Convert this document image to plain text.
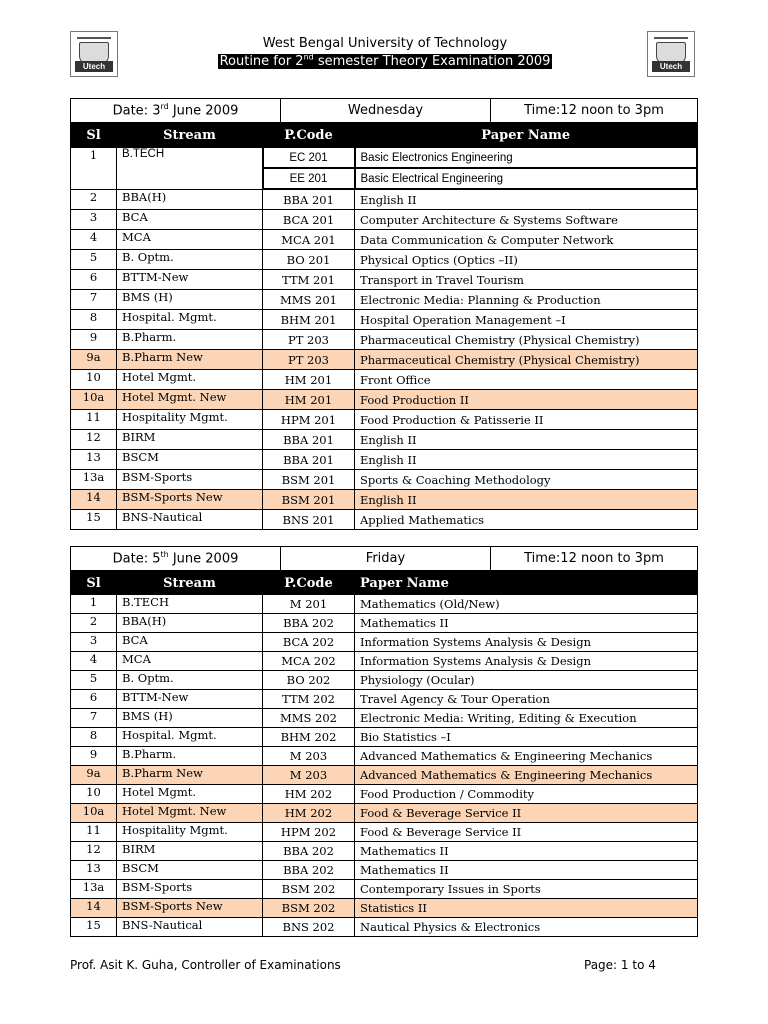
Utech	Utech
West Bengal University of Technology
Routine for 2nd semester Theory Examination 2009
Date: 3rd June 2009	Wednesday	Time:12 noon to 3pm
Sl	Stream	P.Code	Paper Name
1	B.TECH	EC 201	Basic Electronics Engineering
		EE 201	Basic Electrical Engineering
2	BBA(H)	BBA 201	English II
3	BCA	BCA 201	Computer Architecture & Systems Software
4	MCA	MCA 201	Data Communication & Computer Network
5	B. Optm.	BO 201	Physical Optics (Optics –II)
6	BTTM-New	TTM 201	Transport in Travel Tourism
7	BMS (H)	MMS 201	Electronic Media: Planning & Production
8	Hospital. Mgmt.	BHM 201	Hospital Operation Management –I
9	B.Pharm.	PT 203	Pharmaceutical Chemistry (Physical Chemistry)
9a	B.Pharm New	PT 203	Pharmaceutical Chemistry (Physical Chemistry)
10	Hotel Mgmt.	HM 201	Front Office
10a	Hotel Mgmt. New	HM 201	Food Production II
11	Hospitality Mgmt.	HPM 201	Food Production & Patisserie II
12	BIRM	BBA 201	English II
13	BSCM	BBA 201	English II
13a	BSM-Sports	BSM 201	Sports & Coaching Methodology
14	BSM-Sports New	BSM 201	English II
15	BNS-Nautical	BNS 201	Applied Mathematics
Date: 5th June 2009	Friday	Time:12 noon to 3pm
Sl	Stream	P.Code	Paper Name
1	B.TECH	M 201	Mathematics (Old/New)
2	BBA(H)	BBA 202	Mathematics II
3	BCA	BCA 202	Information Systems Analysis & Design
4	MCA	MCA 202	Information Systems Analysis & Design
5	B. Optm.	BO 202	Physiology (Ocular)
6	BTTM-New	TTM 202	Travel Agency & Tour Operation
7	BMS (H)	MMS 202	Electronic Media: Writing, Editing & Execution
8	Hospital. Mgmt.	BHM 202	Bio Statistics –I
9	B.Pharm.	M 203	Advanced Mathematics & Engineering Mechanics
9a	B.Pharm New	M 203	Advanced Mathematics & Engineering Mechanics
10	Hotel Mgmt.	HM 202	Food Production / Commodity
10a	Hotel Mgmt. New	HM 202	Food & Beverage Service II
11	Hospitality Mgmt.	HPM 202	Food & Beverage Service II
12	BIRM	BBA 202	Mathematics II
13	BSCM	BBA 202	Mathematics II
13a	BSM-Sports	BSM 202	Contemporary Issues in Sports
14	BSM-Sports New	BSM 202	Statistics II
15	BNS-Nautical	BNS 202	Nautical Physics & Electronics
Prof. Asit K. Guha, Controller of Examinations	Page: 1 to 4
